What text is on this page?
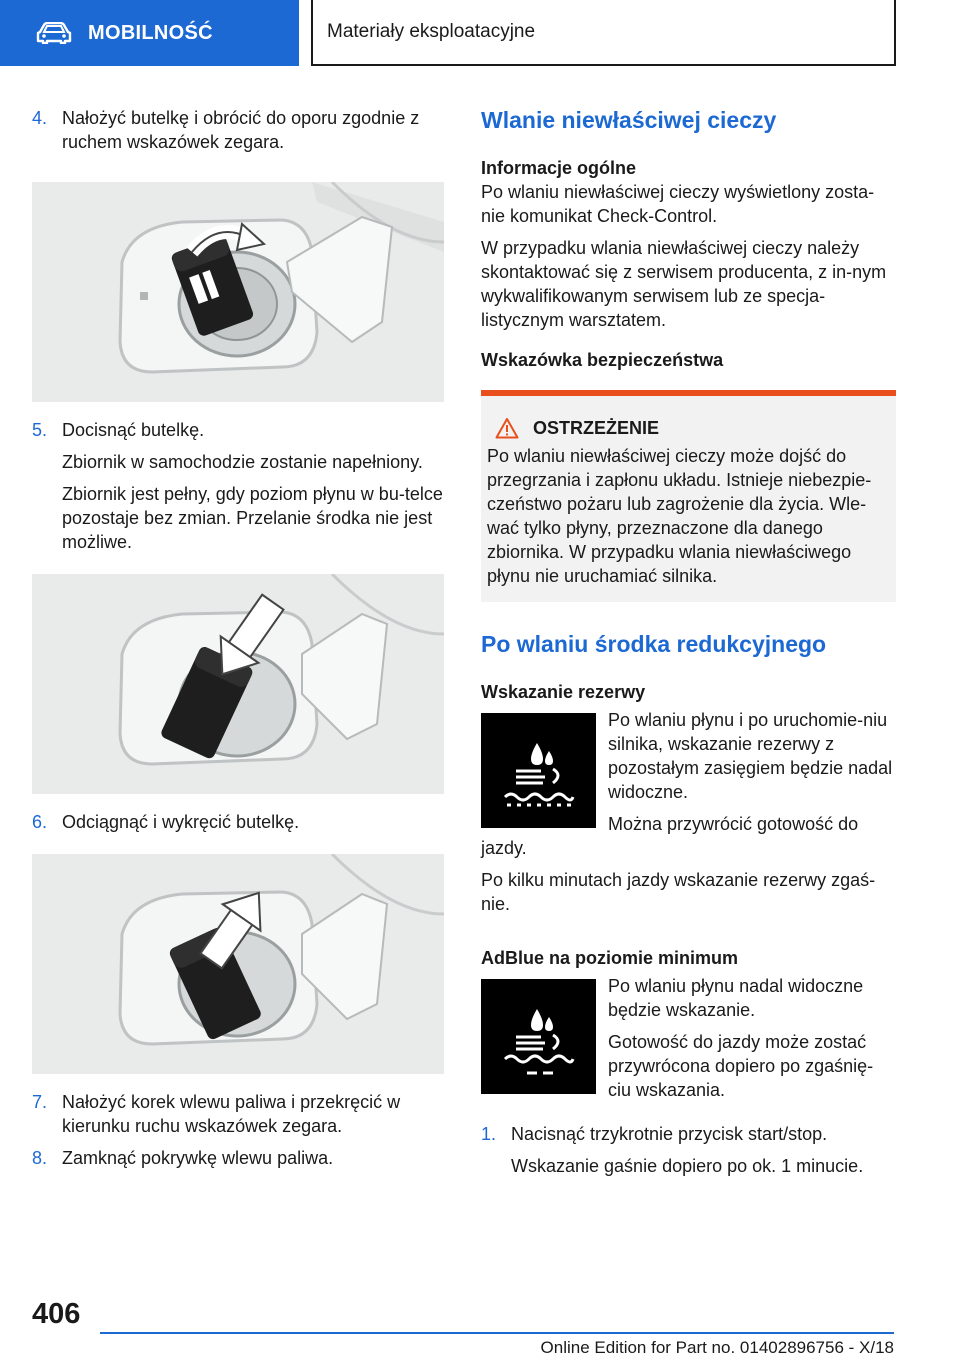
MOBILNOŚĆ	Materiały eksploatacyjne
4. Nałożyć butelkę i obrócić do oporu zgodnie z ruchem wskazówek zegara.

5. Docisnąć butelkę.

Zbiornik w samochodzie zostanie napełniony.

Zbiornik jest pełny, gdy poziom płynu w bu-telce pozostaje bez zmian. Przelanie środka nie jest możliwe.

6. Odciągnąć i wykręcić butelkę.

7. Nałożyć korek wlewu paliwa i przekręcić w kierunku ruchu wskazówek zegara.

8. Zamknąć pokrywkę wlewu paliwa.

Wlanie niewłaściwej cieczy
Informacje ogólne

Po wlaniu niewłaściwej cieczy wyświetlony zosta-nie komunikat Check-Control.

W przypadku wlania niewłaściwej cieczy należy skontaktować się z serwisem producenta, z in-nym wykwalifikowanym serwisem lub ze specja-listycznym warsztatem.

Wskazówka bezpieczeństwa
OSTRZEŻENIE

Po wlaniu niewłaściwej cieczy może dojść do przegrzania i zapłonu układu. Istnieje niebezpie-czeństwo pożaru lub zagrożenie dla życia. Wle-wać tylko płyny, przeznaczone dla danego zbiornika. W przypadku wlania niewłaściwego płynu nie uruchamiać silnika.

Po wlaniu środka redukcyjnego
Wskazanie rezerwy

Po wlaniu płynu i po uruchomie-niu silnika, wskazanie rezerwy z pozostałym zasięgiem będzie nadal widoczne.

Można przywrócić gotowość do

jazdy.

Po kilku minutach jazdy wskazanie rezerwy zgaś-nie.

AdBlue na poziomie minimum

Po wlaniu płynu nadal widoczne będzie wskazanie.

Gotowość do jazdy może zostać przywrócona dopiero po zgaśnię-ciu wskazania.

1. Nacisnąć trzykrotnie przycisk start/stop.

Wskazanie gaśnie dopiero po ok. 1 minucie.

406
Online Edition for Part no. 01402896756 - X/18
